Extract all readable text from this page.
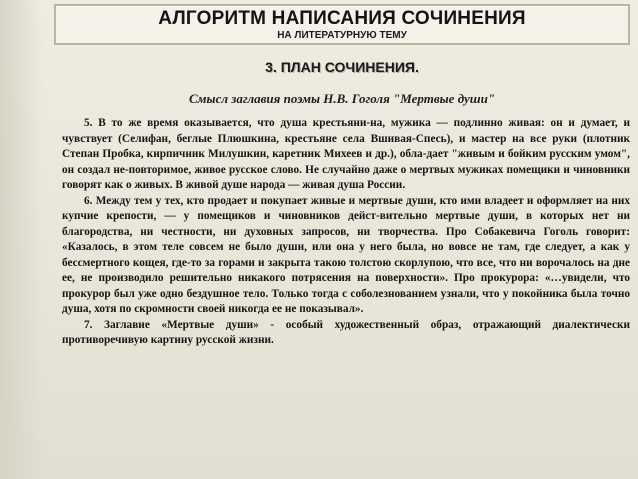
АЛГОРИТМ НАПИСАНИЯ СОЧИНЕНИЯ
НА ЛИТЕРАТУРНУЮ ТЕМУ
3. ПЛАН СОЧИНЕНИЯ.
Смысл заглавия поэмы Н.В. Гоголя "Мертвые души"

5. В то же время оказывается, что душа крестьяни-на, мужика — подлинно живая: он и думает, и чувствует (Селифан, беглые Плюшкина, крестьяне села Вшивая-Спесь), и мастер на все руки (плотник Степан Пробка, кирпичник Милушкин, каретник Михеев и др.), обла-дает "живым и бойким русским умом", он создал не-повторимое, живое русское слово. Не случайно даже о мертвых мужиках помещики и чиновники говорят как о живых. В живой душе народа — живая душа России.

6. Между тем у тех, кто продает и покупает живые и мертвые души, кто ими владеет и оформляет на них купчие крепости, — у помещиков и чиновников дейст-вительно мертвые души, в которых нет ни благородства, ни честности, ни духовных запросов, ни творчества. Про Собакевича Гоголь говорит: «Казалось, в этом теле совсем не было души, или она у него была, но вовсе не там, где следует, а как у бессмертного кощея, где-то за горами и закрыта такою толстою скорлупою, что все, что ни ворочалось на дне ее, не производило решительно никакого потрясения на поверхности». Про прокурора: «…увидели, что прокурор был уже одно бездушное тело. Только тогда с соболезнованием узнали, что у покойника была точно душа, хотя по скромности своей никогда ее не показывал».

7. Заглавие «Мертвые души» - особый художественный образ, отражающий диалектически противоречивую картину русской жизни.
